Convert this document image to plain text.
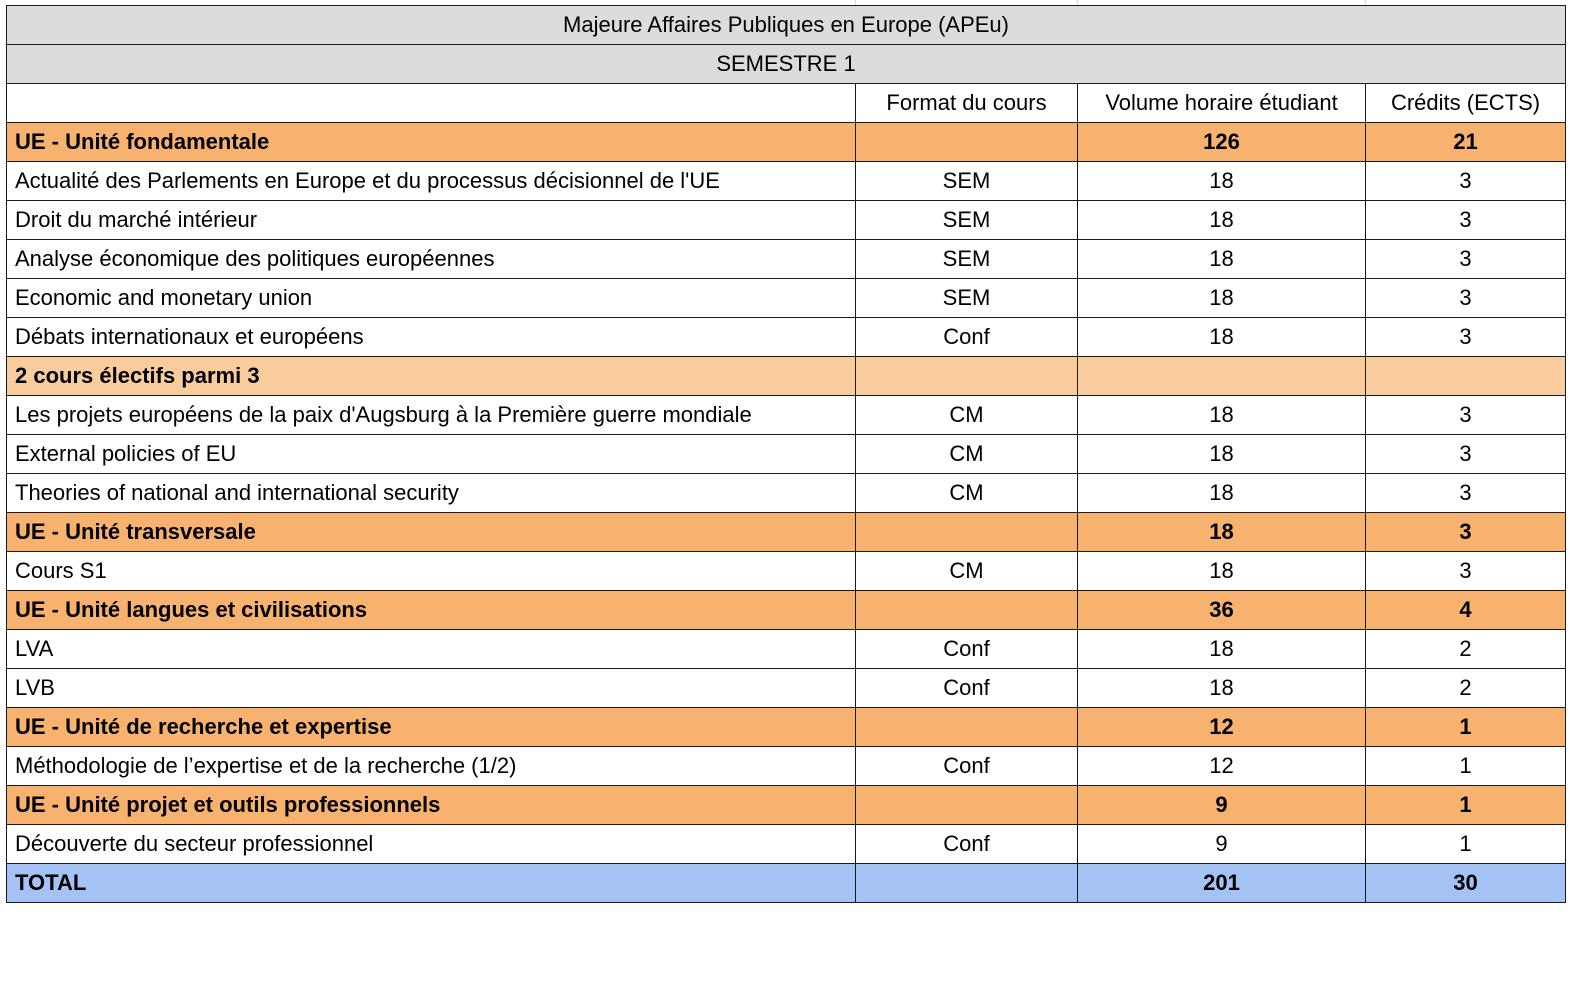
Majeure Affaires Publiques en Europe (APEu)			
SEMESTRE 1			
	Format du cours	Volume horaire étudiant	Crédits (ECTS)
UE - Unité fondamentale		126	21
Actualité des Parlements en Europe et du processus décisionnel de l'UE	SEM	18	3
Droit du marché intérieur	SEM	18	3
Analyse économique des politiques européennes	SEM	18	3
Economic and monetary union	SEM	18	3
Débats internationaux et européens	Conf	18	3
2 cours électifs parmi 3			
Les projets européens de la paix d'Augsburg à la Première guerre mondiale	CM	18	3
External policies of EU	CM	18	3
Theories of national and international security	CM	18	3
UE - Unité transversale		18	3
Cours S1	CM	18	3
UE - Unité langues et civilisations		36	4
LVA	Conf	18	2
LVB	Conf	18	2
UE - Unité de recherche et expertise		12	1
Méthodologie de l’expertise et de la recherche (1/2)	Conf	12	1
UE - Unité projet et outils professionnels		9	1
Découverte du secteur professionnel	Conf	9	1
TOTAL		201	30
